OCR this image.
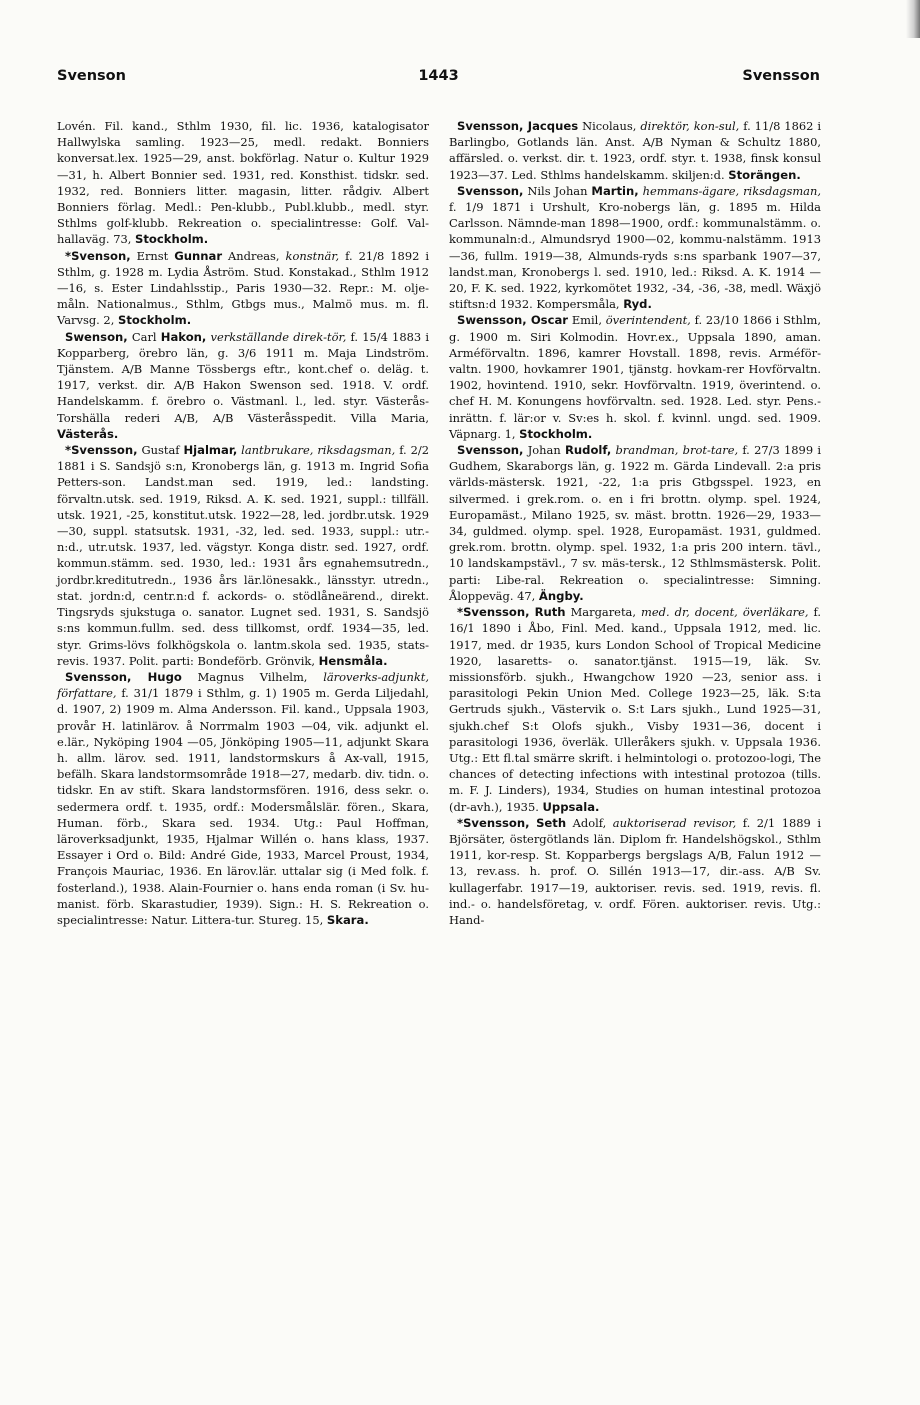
Svenson	1443	Svensson

Lovén. Fil. kand., Sthlm 1930, fil. lic. 1936, katalogisator Hallwylska samling. 1923—25, medl. redakt. Bonniers konversat.lex. 1925—29, anst. bokförlag. Natur o. Kultur 1929—31, h. Albert Bonnier sed. 1931, red. Konsthist. tidskr. sed. 1932, red. Bonniers litter. magasin, litter. rådgiv. Albert Bonniers förlag. Medl.: Pen-klubb., Publ.klubb., medl. styr. Sthlms golf-klubb. Rekreation o. specialintresse: Golf. Val-hallaväg. 73, Stockholm.

*Svenson, Ernst Gunnar Andreas, konstnär, f. 21/8 1892 i Sthlm, g. 1928 m. Lydia Åström. Stud. Konstakad., Sthlm 1912—16, s. Ester Lindahlsstip., Paris 1930—32. Repr.: M. olje-måln. Nationalmus., Sthlm, Gtbgs mus., Malmö mus. m. fl. Varvsg. 2, Stockholm.

Swenson, Carl Hakon, verkställande direk-tör, f. 15/4 1883 i Kopparberg, örebro län, g. 3/6 1911 m. Maja Lindström. Tjänstem. A/B Manne Tössbergs eftr., kont.chef o. deläg. t. 1917, verkst. dir. A/B Hakon Swenson sed. 1918. V. ordf. Handelskamm. f. örebro o. Västmanl. l., led. styr. Västerås-Torshälla rederi A/B, A/B Västeråsspedit. Villa Maria, Västerås.

*Svensson, Gustaf Hjalmar, lantbrukare, riksdagsman, f. 2/2 1881 i S. Sandsjö s:n, Kronobergs län, g. 1913 m. Ingrid Sofia Petters-son. Landst.man sed. 1919, led.: landsting. förvaltn.utsk. sed. 1919, Riksd. A. K. sed. 1921, suppl.: tillfäll. utsk. 1921, -25, konstitut.utsk. 1922—28, led. jordbr.utsk. 1929—30, suppl. statsutsk. 1931, -32, led. sed. 1933, suppl.: utr.-n:d., utr.utsk. 1937, led. vägstyr. Konga distr. sed. 1927, ordf. kommun.stämm. sed. 1930, led.: 1931 års egnahemsutredn., jordbr.kreditutredn., 1936 års lär.lönesakk., länsstyr. utredn., stat. jordn:d, centr.n:d f. ackords- o. stödlåneärend., direkt. Tingsryds sjukstuga o. sanator. Lugnet sed. 1931, S. Sandsjö s:ns kommun.fullm. sed. dess tillkomst, ordf. 1934—35, led. styr. Grims-lövs folkhögskola o. lantm.skola sed. 1935, stats-revis. 1937. Polit. parti: Bondeförb. Grönvik, Hensmåla.

Svensson, Hugo Magnus Vilhelm, läroverks-adjunkt, författare, f. 31/1 1879 i Sthlm, g. 1) 1905 m. Gerda Liljedahl, d. 1907, 2) 1909 m. Alma Andersson. Fil. kand., Uppsala 1903, provår H. latinlärov. å Norrmalm 1903 —04, vik. adjunkt el. e.lär., Nyköping 1904 —05, Jönköping 1905—11, adjunkt Skara h. allm. lärov. sed. 1911, landstormskurs å Ax-vall, 1915, befälh. Skara landstormsområde 1918—27, medarb. div. tidn. o. tidskr. En av stift. Skara landstormsfören. 1916, dess sekr. o. sedermera ordf. t. 1935, ordf.: Modersmålslär. fören., Skara, Human. förb., Skara sed. 1934. Utg.: Paul Hoffman, läroverksadjunkt, 1935, Hjalmar Willén o. hans klass, 1937. Essayer i Ord o. Bild: André Gide, 1933, Marcel Proust, 1934, François Mauriac, 1936. En lärov.lär. uttalar sig (i Med folk. f. fosterland.), 1938. Alain-Fournier o. hans enda roman (i Sv. hu-manist. förb. Skarastudier, 1939). Sign.: H. S. Rekreation o. specialintresse: Natur. Littera-tur. Stureg. 15, Skara.

Svensson, Jacques Nicolaus, direktör, kon-sul, f. 11/8 1862 i Barlingbo, Gotlands län. Anst. A/B Nyman & Schultz 1880, affärsled. o. verkst. dir. t. 1923, ordf. styr. t. 1938, finsk konsul 1923—37. Led. Sthlms handelskamm. skiljen:d. Storängen.

Svensson, Nils Johan Martin, hemmans-ägare, riksdagsman, f. 1/9 1871 i Urshult, Kro-nobergs län, g. 1895 m. Hilda Carlsson. Nämnde-man 1898—1900, ordf.: kommunalstämm. o. kommunaln:d., Almundsryd 1900—02, kommu-nalstämm. 1913—36, fullm. 1919—38, Almunds-ryds s:ns sparbank 1907—37, landst.man, Kronobergs l. sed. 1910, led.: Riksd. A. K. 1914 —20, F. K. sed. 1922, kyrkomötet 1932, -34, -36, -38, medl. Wäxjö stiftsn:d 1932. Kompersmåla, Ryd.

Swensson, Oscar Emil, överintendent, f. 23/10 1866 i Sthlm, g. 1900 m. Siri Kolmodin. Hovr.ex., Uppsala 1890, aman. Arméförvaltn. 1896, kamrer Hovstall. 1898, revis. Arméför-valtn. 1900, hovkamrer 1901, tjänstg. hovkam-rer Hovförvaltn. 1902, hovintend. 1910, sekr. Hovförvaltn. 1919, överintend. o. chef H. M. Konungens hovförvaltn. sed. 1928. Led. styr. Pens.-inrättn. f. lär:or v. Sv:es h. skol. f. kvinnl. ungd. sed. 1909. Väpnarg. 1, Stockholm.

Svensson, Johan Rudolf, brandman, brot-tare, f. 27/3 1899 i Gudhem, Skaraborgs län, g. 1922 m. Gärda Lindevall. 2:a pris världs-mästersk. 1921, -22, 1:a pris Gtbgsspel. 1923, en silvermed. i grek.rom. o. en i fri brottn. olymp. spel. 1924, Europamäst., Milano 1925, sv. mäst. brottn. 1926—29, 1933—34, guldmed. olymp. spel. 1928, Europamäst. 1931, guldmed. grek.rom. brottn. olymp. spel. 1932, 1:a pris 200 intern. tävl., 10 landskampstävl., 7 sv. mäs-tersk., 12 Sthlmsmästersk. Polit. parti: Libe-ral. Rekreation o. specialintresse: Simning. Åloppeväg. 47, Ängby.

*Svensson, Ruth Margareta, med. dr, docent, överläkare, f. 16/1 1890 i Åbo, Finl. Med. kand., Uppsala 1912, med. lic. 1917, med. dr 1935, kurs London School of Tropical Medicine 1920, lasaretts- o. sanator.tjänst. 1915—19, läk. Sv. missionsförb. sjukh., Hwangchow 1920 —23, senior ass. i parasitologi Pekin Union Med. College 1923—25, läk. S:ta Gertruds sjukh., Västervik o. S:t Lars sjukh., Lund 1925—31, sjukh.chef S:t Olofs sjukh., Visby 1931—36, docent i parasitologi 1936, överläk. Ulleråkers sjukh. v. Uppsala 1936. Utg.: Ett fl.tal smärre skrift. i helmintologi o. protozoo-logi, The chances of detecting infections with intestinal protozoa (tills. m. F. J. Linders), 1934, Studies on human intestinal protozoa (dr-avh.), 1935. Uppsala.

*Svensson, Seth Adolf, auktoriserad revisor, f. 2/1 1889 i Björsäter, östergötlands län. Diplom fr. Handelshögskol., Sthlm 1911, kor-resp. St. Kopparbergs bergslags A/B, Falun 1912 —13, rev.ass. h. prof. O. Sillén 1913—17, dir.-ass. A/B Sv. kullagerfabr. 1917—19, auktoriser. revis. sed. 1919, revis. fl. ind.- o. handelsföretag, v. ordf. Fören. auktoriser. revis. Utg.: Hand-
